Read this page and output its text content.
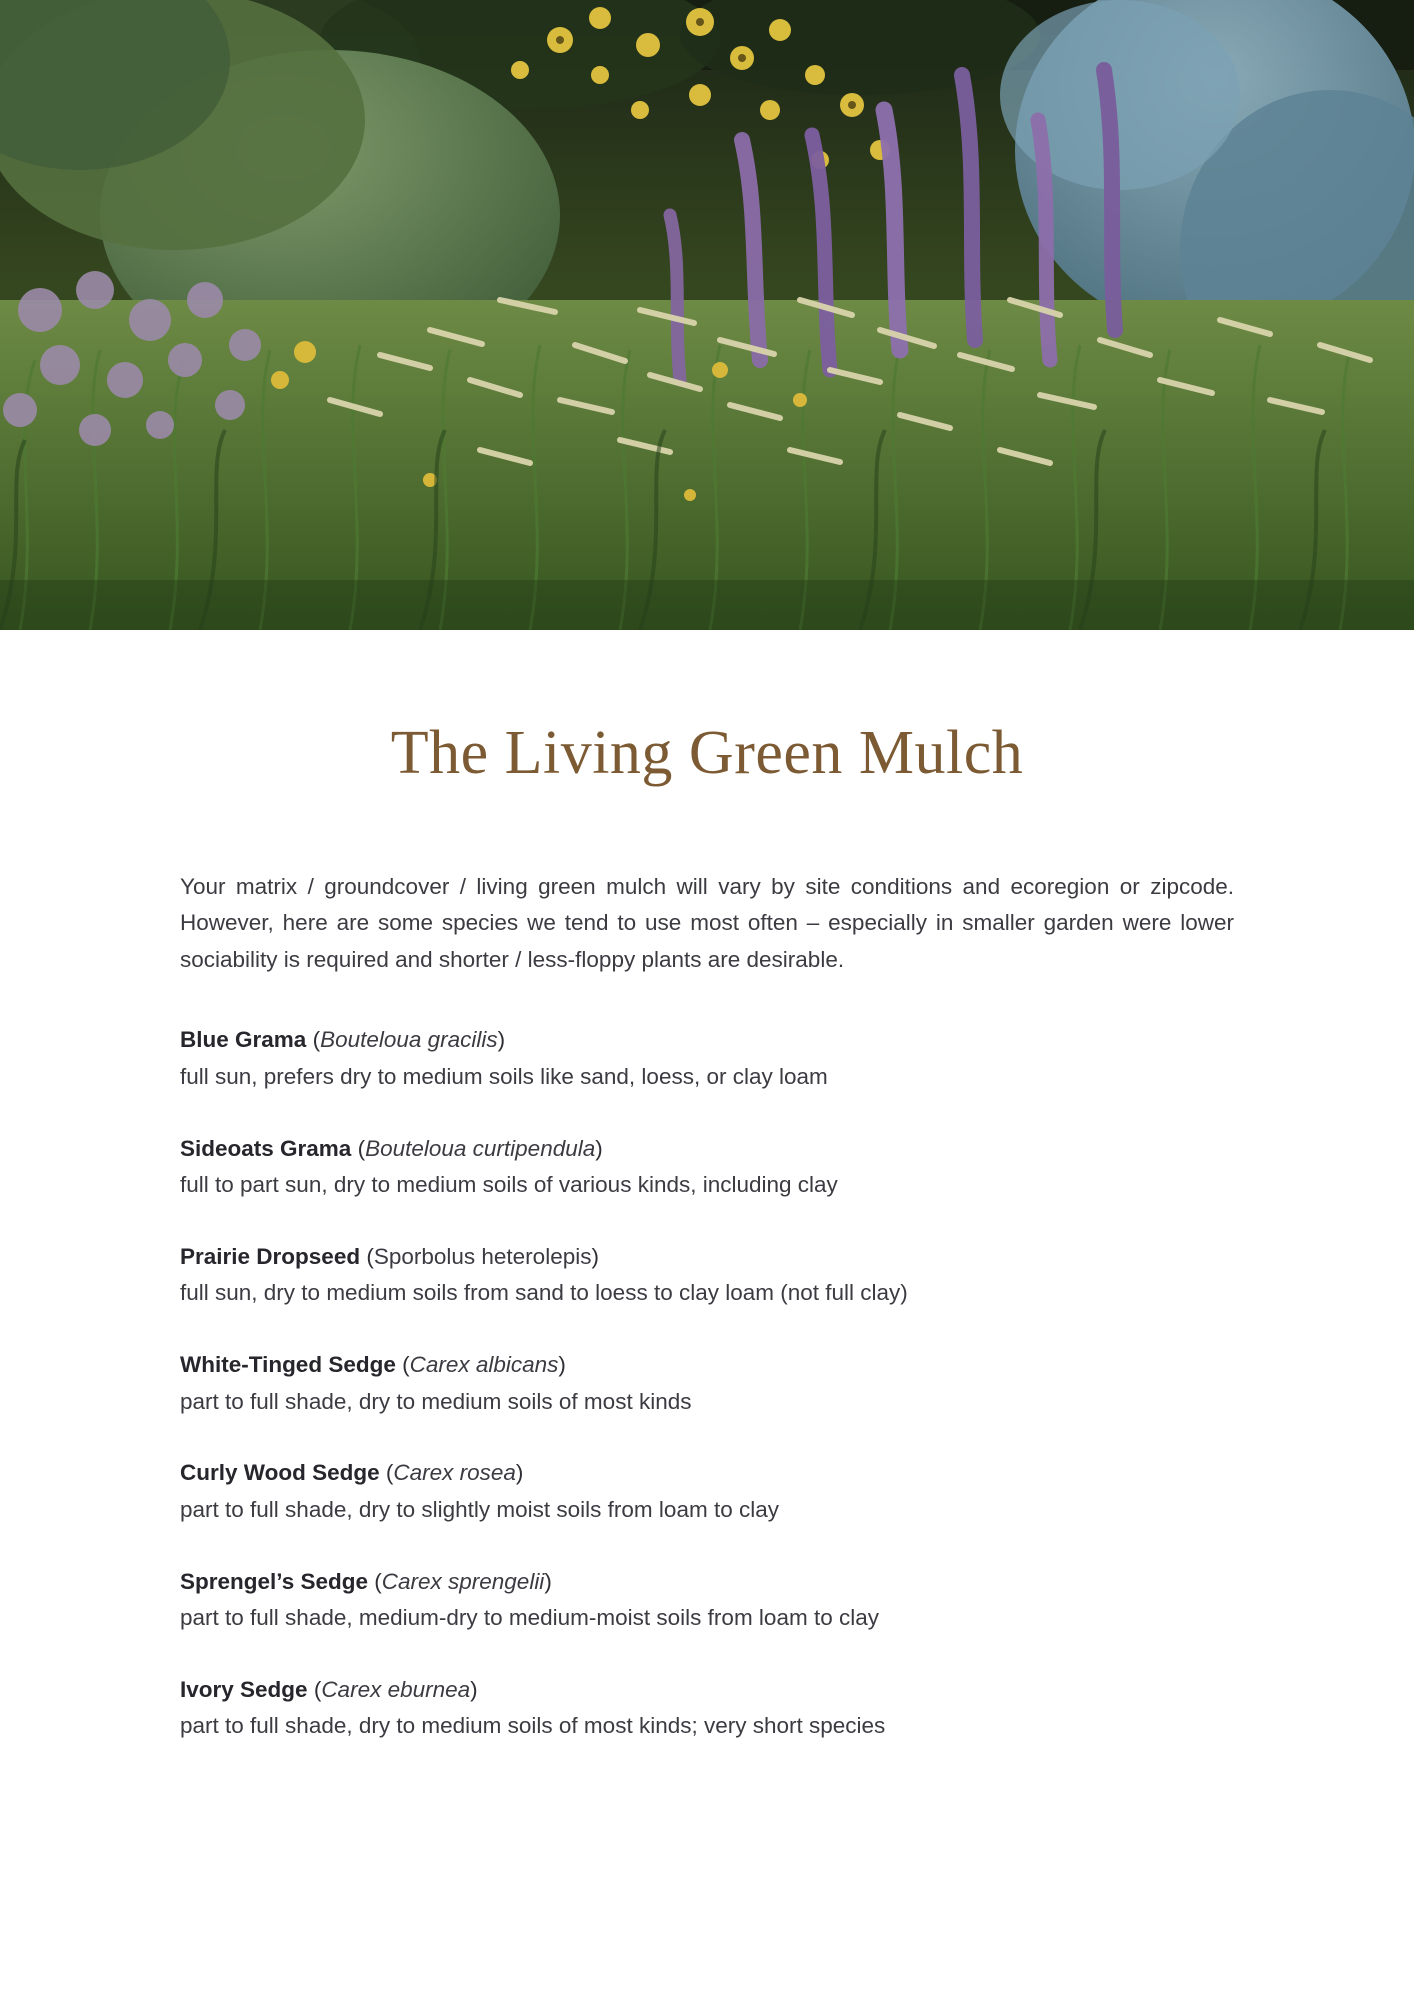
The Living Green Mulch

Your matrix / groundcover / living green mulch will vary by site conditions and ecoregion or zipcode. However, here are some species we tend to use most often – especially in smaller garden were lower sociability is required and shorter / less-floppy plants are desirable.

Blue Grama (Bouteloua gracilis)
full sun, prefers dry to medium soils like sand, loess, or clay loam
Sideoats Grama (Bouteloua curtipendula)
full to part sun, dry to medium soils of various kinds, including clay
Prairie Dropseed (Sporbolus heterolepis)
full sun, dry to medium soils from sand to loess to clay loam (not full clay)
White-Tinged Sedge (Carex albicans)
part to full shade, dry to medium soils of most kinds
Curly Wood Sedge (Carex rosea)
part to full shade, dry to slightly moist soils from loam to clay
Sprengel’s Sedge (Carex sprengelii)
part to full shade, medium-dry to medium-moist soils from loam to clay
Ivory Sedge (Carex eburnea)
part to full shade, dry to medium soils of most kinds; very short species
